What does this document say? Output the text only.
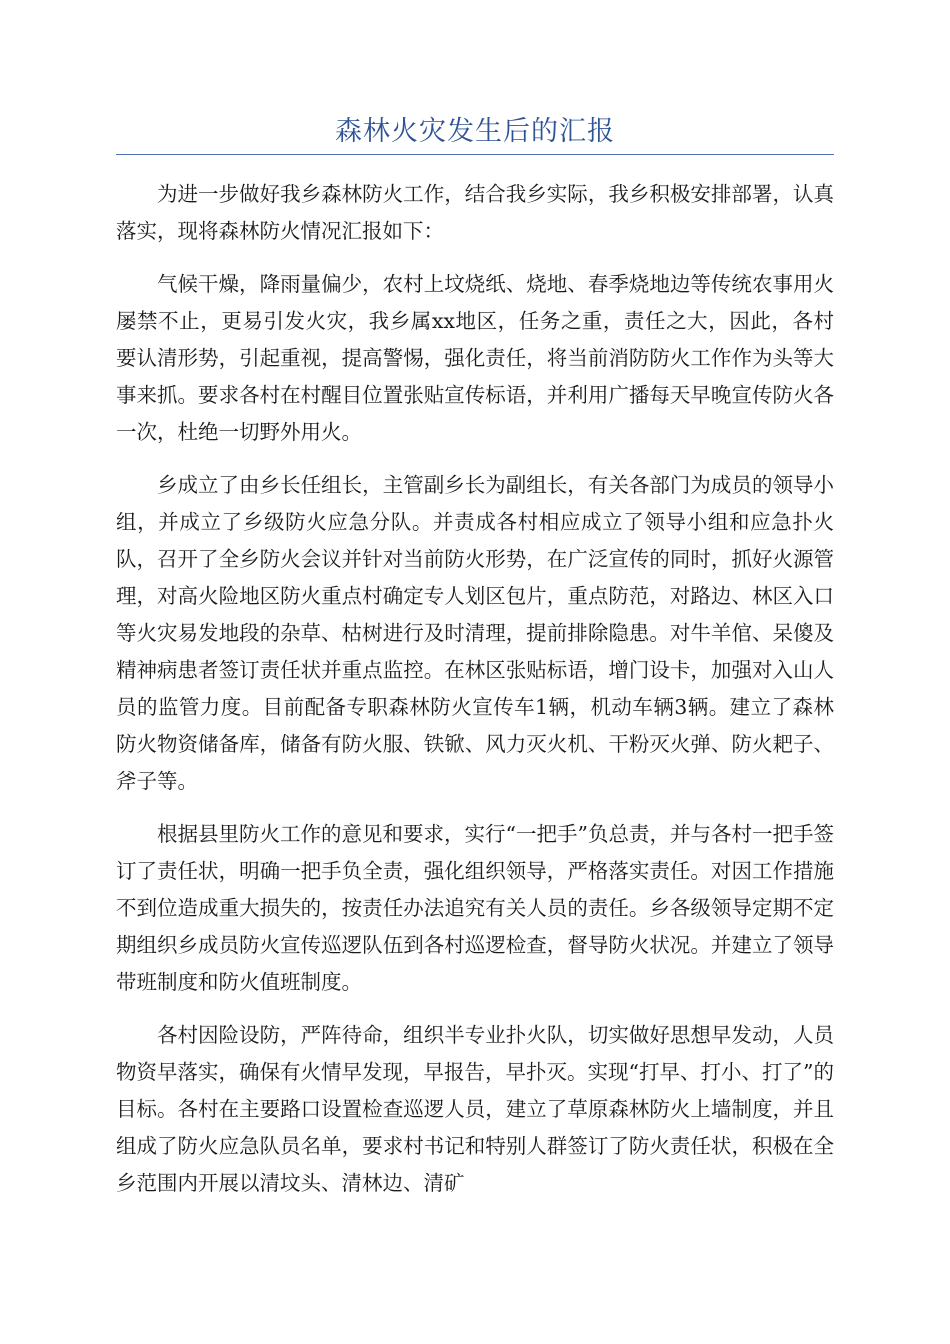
森林火灾发生后的汇报

为进一步做好我乡森林防火工作，结合我乡实际，我乡积极安排部署，认真落实，现将森林防火情况汇报如下：

气候干燥，降雨量偏少，农村上坟烧纸、烧地、春季烧地边等传统农事用火屡禁不止，更易引发火灾，我乡属xx地区，任务之重，责任之大，因此，各村要认清形势，引起重视，提高警惕，强化责任，将当前消防防火工作作为头等大事来抓。要求各村在村醒目位置张贴宣传标语，并利用广播每天早晚宣传防火各一次，杜绝一切野外用火。

乡成立了由乡长任组长，主管副乡长为副组长，有关各部门为成员的领导小组，并成立了乡级防火应急分队。并责成各村相应成立了领导小组和应急扑火队，召开了全乡防火会议并针对当前防火形势，在广泛宣传的同时，抓好火源管理，对高火险地区防火重点村确定专人划区包片，重点防范，对路边、林区入口等火灾易发地段的杂草、枯树进行及时清理，提前排除隐患。对牛羊倌、呆傻及精神病患者签订责任状并重点监控。在林区张贴标语，增门设卡，加强对入山人员的监管力度。目前配备专职森林防火宣传车1辆，机动车辆3辆。建立了森林防火物资储备库，储备有防火服、铁锨、风力灭火机、干粉灭火弹、防火耙子、斧子等。

根据县里防火工作的意见和要求，实行“一把手”负总责，并与各村一把手签订了责任状，明确一把手负全责，强化组织领导，严格落实责任。对因工作措施不到位造成重大损失的，按责任办法追究有关人员的责任。乡各级领导定期不定期组织乡成员防火宣传巡逻队伍到各村巡逻检查，督导防火状况。并建立了领导带班制度和防火值班制度。

各村因险设防，严阵待命，组织半专业扑火队，切实做好思想早发动，人员物资早落实，确保有火情早发现，早报告，早扑灭。实现“打早、打小、打了”的目标。各村在主要路口设置检查巡逻人员，建立了草原森林防火上墙制度，并且组成了防火应急队员名单，要求村书记和特别人群签订了防火责任状，积极在全乡范围内开展以清坟头、清林边、清矿
